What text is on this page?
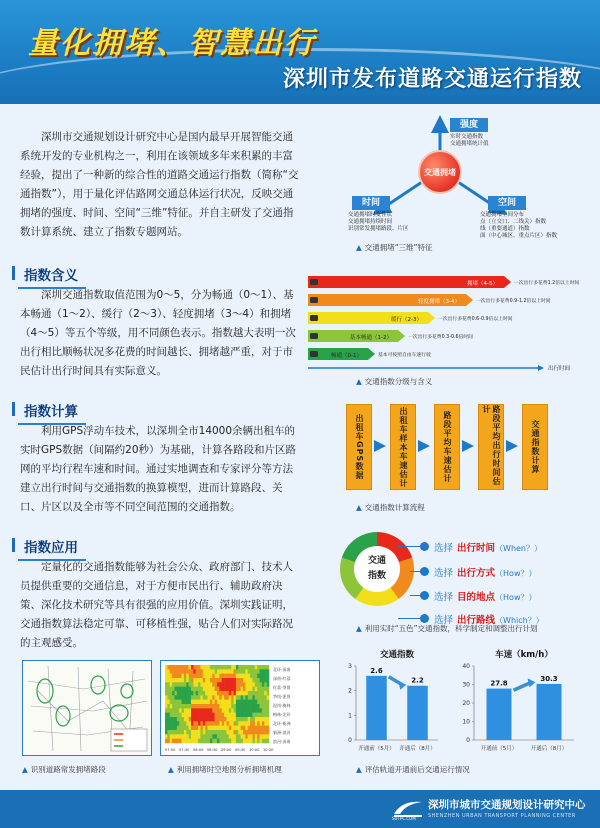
量化拥堵、智慧出行
深圳市发布道路交通运行指数
深圳市交通规划设计研究中心是国内最早开展智能交通系统开发的专业机构之一，利用在该领域多年来积累的丰富经验，提出了一种新的综合性的道路交通运行指数（简称“交通指数”），用于量化评估路网交通总体运行状况，反映交通拥堵的强度、时间、空间“三维”特征。并自主研发了交通指数计算系统、建立了指数专题网站。
交通拥堵
强度
实时交通指数
交通拥堵统计值
时间
交通拥堵时变性状
交通拥堵持续时间
识别常发拥堵路段、片区
空间
交通拥堵空间分布
点（立交口、二线关）指数
线（重要通道）指数
面（中心城区、重点片区）指数
▲ 交通拥堵“三维”特征
指数含义
深圳交通指数取值范围为0～5，分为畅通（0～1）、基本畅通（1～2）、缓行（2～3）、轻度拥堵（3～4）和拥堵（4～5）等五个等级，用不同颜色表示。指数越大表明一次出行相比顺畅状况多花费的时间越长、拥堵越严重，对于市民估计出行时间具有实际意义。
拥堵（4-5）	一次出行多花费1.2倍以上时间
轻度拥堵（3-4）	一次出行多花费0.9-1.2倍以上时间
缓行（2-3）	一次出行多花费0.6-0.9倍以上时间
基本畅通（1-2）	一次出行多花费0.3-0.6倍时间
畅通（0-1）	基本可按照自由车速行驶
出行时间
▲ 交通指数分级与含义
指数计算
利用GPS浮动车技术，以深圳全市14000余辆出租车的实时GPS数据（间隔约20秒）为基础，计算各路段和片区路网的平均行程车速和时间。通过实地调查和专家评分等方法建立出行时间与交通指数的换算模型，进而计算路段、关口、片区以及全市等不同空间范围的交通指数。
出租车GPS数据	出租车样本车速估计	路段平均车速估计	路段平均出行时间估计
交通指数计算
▲ 交通指数计算流程
指数应用
定量化的交通指数能够为社会公众、政府部门、技术人员提供重要的交通信息，对于方便市民出行、辅助政府决策、深化技术研究等具有很强的应用价值。深圳实践证明，交通指数算法稳定可靠、可移植性强，贴合人们对实际路况的主观感受。
交通
指数
选择 出行时间（When？）
选择 出行方式（How？）
选择 目的地点（How？）
选择 出行路线（Which？）
▲ 利用实时“五色”交通指数，科学制定和调整出行计划
▲ 识别道路常发拥堵路段
07:00 07:30 08:00 08:30 09:00 09:30 10:00 10:30
北环-深南
深南-红荔
红荔-笋岗
笋岗-泥岗
泥岗-梅林
梅林-北环
北环-新洲
新洲-滨河
滨河-深南
▲ 利用拥堵时空地图分析拥堵机理
交通指数
0
1
2
3
2.6
开通前（5月）
2.2
开通后（8月）
车速（km/h）
0
10
20
30
40
27.8
开通前（5月）
30.3
开通后（8月）
▲ 评估轨道开通前后交通运行情况
SUTPC.COM
深圳市城市交通规划设计研究中心
SHENZHEN URBAN TRANSPORT PLANNING CENTER
